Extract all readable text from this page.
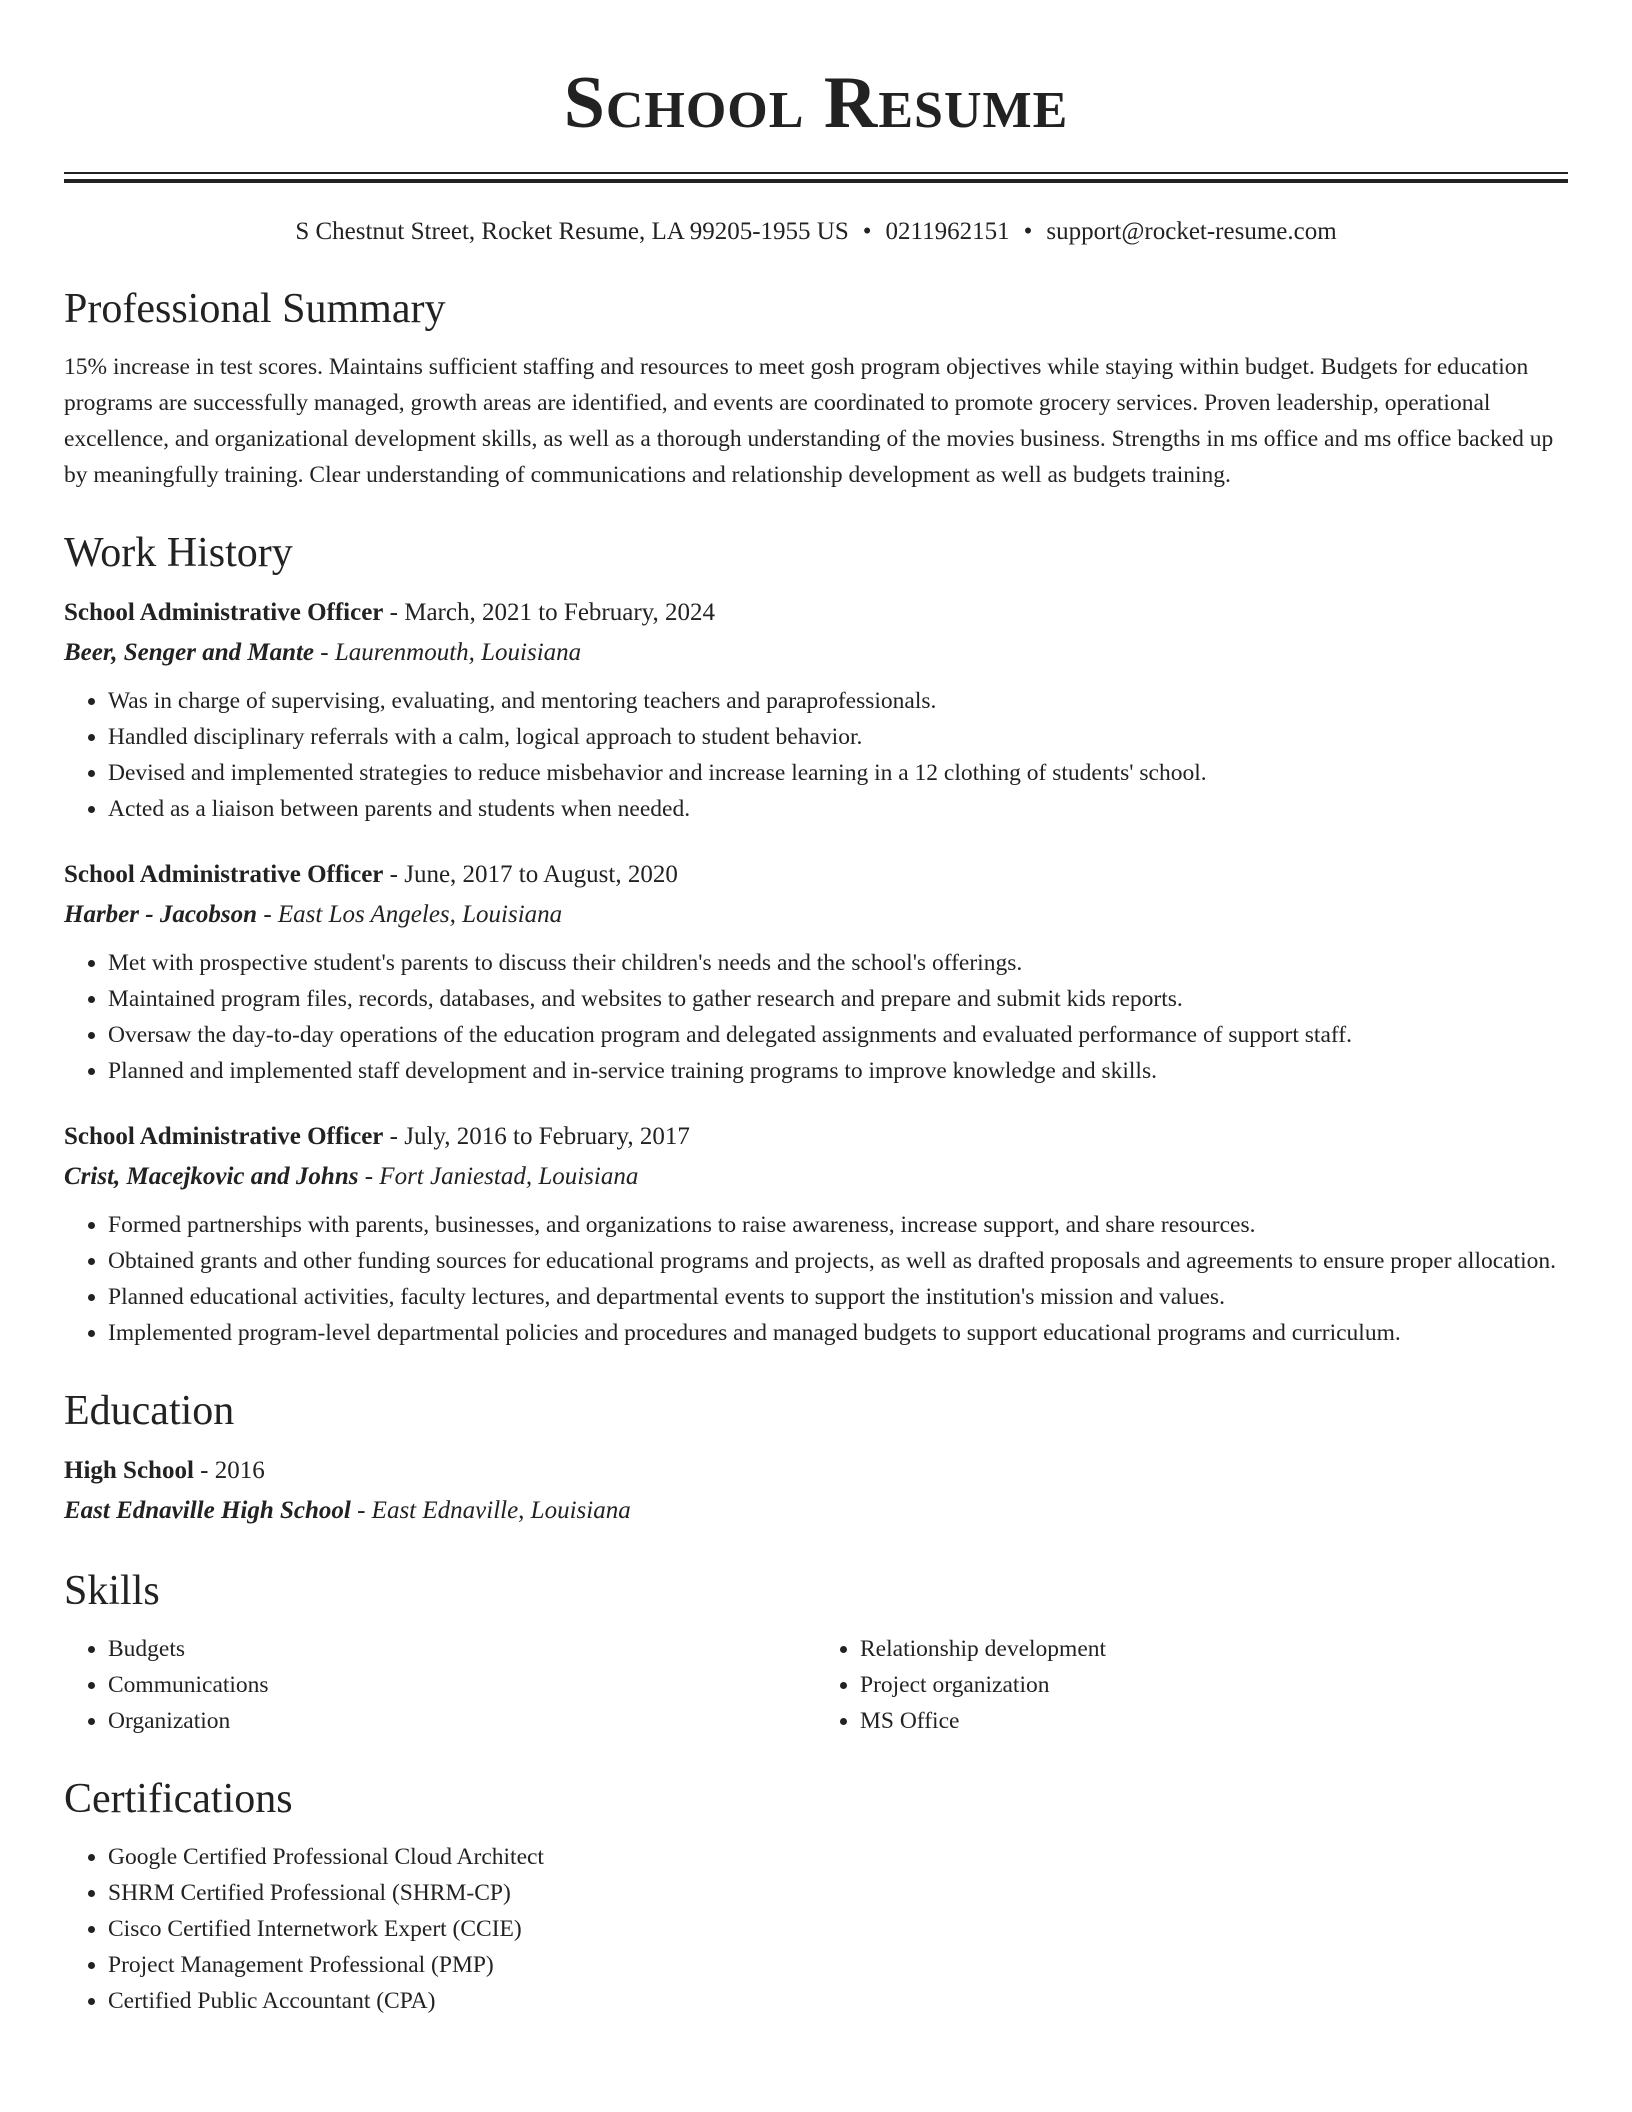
School Resume
S Chestnut Street, Rocket Resume, LA 99205-1955 US • 0211962151 • support@rocket-resume.com
Professional Summary

15% increase in test scores. Maintains sufficient staffing and resources to meet gosh program objectives while staying within budget. Budgets for education programs are successfully managed, growth areas are identified, and events are coordinated to promote grocery services. Proven leadership, operational excellence, and organizational development skills, as well as a thorough understanding of the movies business. Strengths in ms office and ms office backed up by meaningfully training. Clear understanding of communications and relationship development as well as budgets training.

Work History
School Administrative Officer - March, 2021 to February, 2024
Beer, Senger and Mante - Laurenmouth, Louisiana
• Was in charge of supervising, evaluating, and mentoring teachers and paraprofessionals.
• Handled disciplinary referrals with a calm, logical approach to student behavior.
• Devised and implemented strategies to reduce misbehavior and increase learning in a 12 clothing of students' school.
• Acted as a liaison between parents and students when needed.
School Administrative Officer - June, 2017 to August, 2020
Harber - Jacobson - East Los Angeles, Louisiana
• Met with prospective student's parents to discuss their children's needs and the school's offerings.
• Maintained program files, records, databases, and websites to gather research and prepare and submit kids reports.
• Oversaw the day-to-day operations of the education program and delegated assignments and evaluated performance of support staff.
• Planned and implemented staff development and in-service training programs to improve knowledge and skills.
School Administrative Officer - July, 2016 to February, 2017
Crist, Macejkovic and Johns - Fort Janiestad, Louisiana
• Formed partnerships with parents, businesses, and organizations to raise awareness, increase support, and share resources.
• Obtained grants and other funding sources for educational programs and projects, as well as drafted proposals and agreements to ensure proper allocation.
• Planned educational activities, faculty lectures, and departmental events to support the institution's mission and values.
• Implemented program-level departmental policies and procedures and managed budgets to support educational programs and curriculum.
Education
High School - 2016
East Ednaville High School - East Ednaville, Louisiana
Skills
• Budgets
• Communications
• Organization
• Relationship development
• Project organization
• MS Office
Certifications
• Google Certified Professional Cloud Architect
• SHRM Certified Professional (SHRM-CP)
• Cisco Certified Internetwork Expert (CCIE)
• Project Management Professional (PMP)
• Certified Public Accountant (CPA)
